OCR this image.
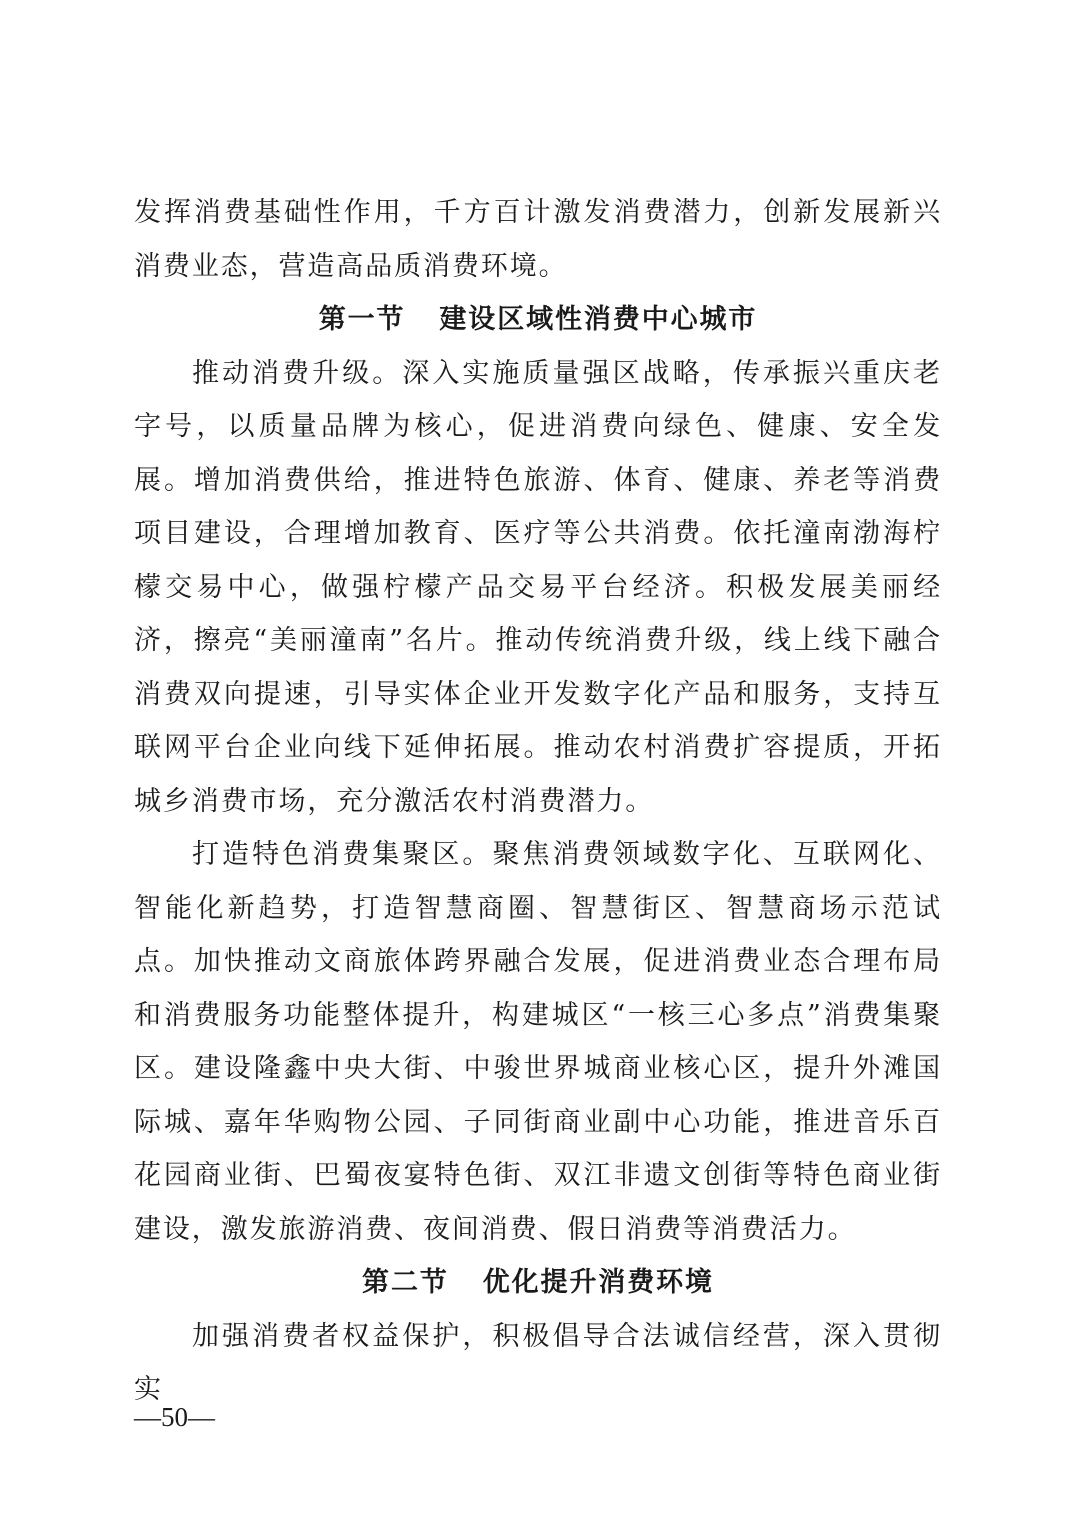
发挥消费基础性作用，千方百计激发消费潜力，创新发展新兴消费业态，营造高品质消费环境。

第一节 建设区域性消费中心城市

推动消费升级。深入实施质量强区战略，传承振兴重庆老字号，以质量品牌为核心，促进消费向绿色、健康、安全发展。增加消费供给，推进特色旅游、体育、健康、养老等消费项目建设，合理增加教育、医疗等公共消费。依托潼南渤海柠檬交易中心，做强柠檬产品交易平台经济。积极发展美丽经济，擦亮“美丽潼南”名片。推动传统消费升级，线上线下融合消费双向提速，引导实体企业开发数字化产品和服务，支持互联网平台企业向线下延伸拓展。推动农村消费扩容提质，开拓城乡消费市场，充分激活农村消费潜力。

打造特色消费集聚区。聚焦消费领域数字化、互联网化、智能化新趋势，打造智慧商圈、智慧街区、智慧商场示范试点。加快推动文商旅体跨界融合发展，促进消费业态合理布局和消费服务功能整体提升，构建城区“一核三心多点”消费集聚区。建设隆鑫中央大街、中骏世界城商业核心区，提升外滩国际城、嘉年华购物公园、子同街商业副中心功能，推进音乐百花园商业街、巴蜀夜宴特色街、双江非遗文创街等特色商业街建设，激发旅游消费、夜间消费、假日消费等消费活力。

第二节 优化提升消费环境

加强消费者权益保护，积极倡导合法诚信经营，深入贯彻实

—50—
